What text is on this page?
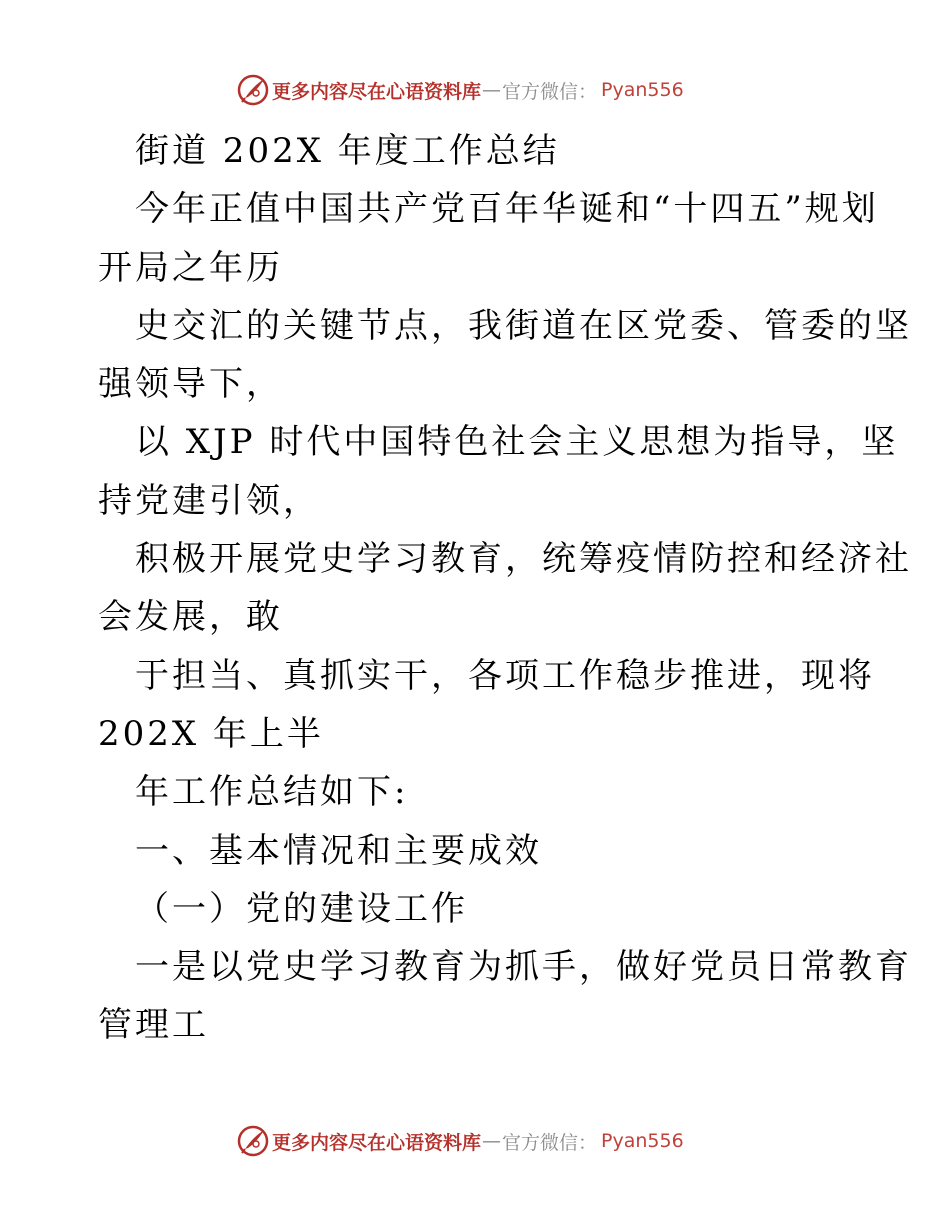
更多内容尽在心语资料库 — 官方微信： Pyan556
街道 202X 年度工作总结
今年正值中国共产党百年华诞和“十四五”规划
开局之年历
史交汇的关键节点，我街道在区党委、管委的坚
强领导下，
以 XJP 时代中国特色社会主义思想为指导，坚
持党建引领，
积极开展党史学习教育，统筹疫情防控和经济社
会发展，敢
于担当、真抓实干，各项工作稳步推进，现将
202X 年上半
年工作总结如下:
一、基本情况和主要成效
（一）党的建设工作
一是以党史学习教育为抓手，做好党员日常教育
管理工
更多内容尽在心语资料库 — 官方微信： Pyan556
